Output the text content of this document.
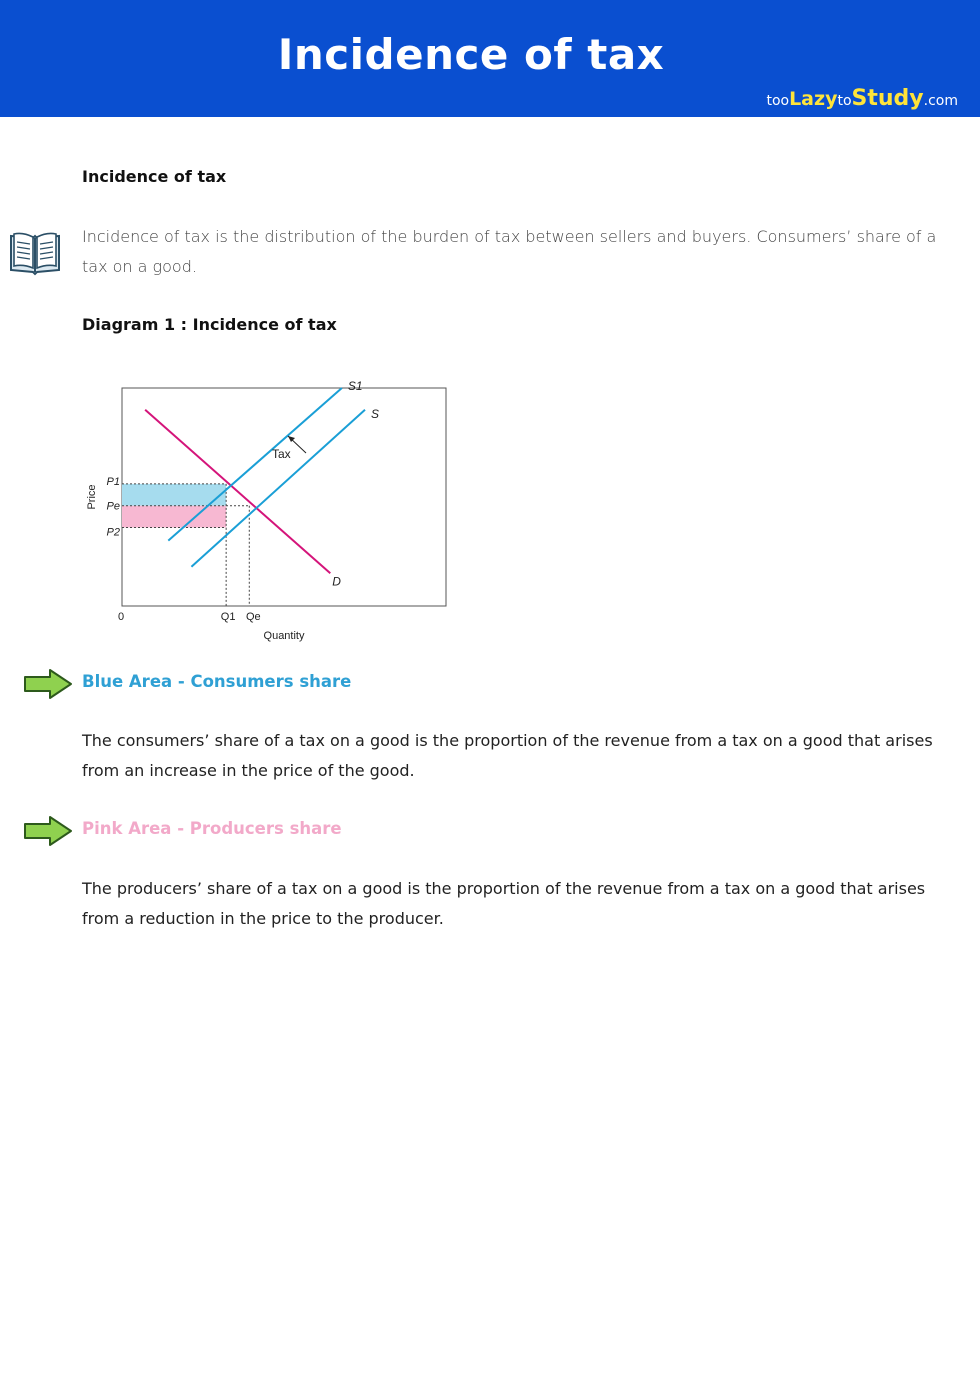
Incidence of tax
tooLazytoStudy.com
Incidence of tax
Incidence of tax is the distribution of the burden of tax between sellers and buyers. Consumers’ share of a tax on a good.
Diagram 1 : Incidence of tax
S1
S
D
Tax
P1
Pe
P2
Q1 Qe
0
Quantity
Price
Blue Area - Consumers share
The consumers’ share of a tax on a good is the proportion of the revenue from a tax on a good that arises from an increase in the price of the good.
Pink Area - Producers share
The producers’ share of a tax on a good is the proportion of the revenue from a tax on a good that arises from a reduction in the price to the producer.
